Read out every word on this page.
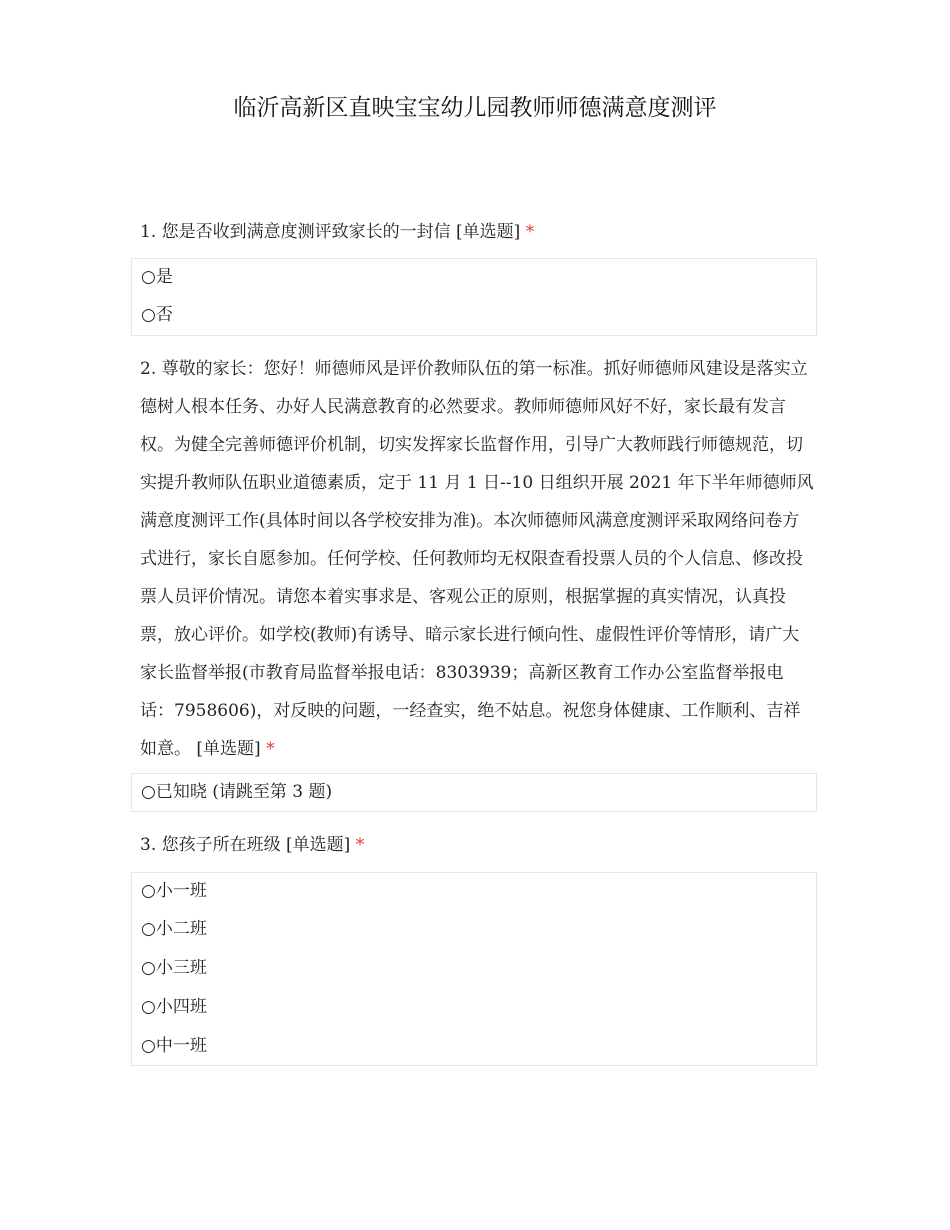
临沂高新区直映宝宝幼儿园教师师德满意度测评
1. 您是否收到满意度测评致家长的一封信 [单选题] *
○是
○否
2. 尊敬的家长：您好！师德师风是评价教师队伍的第一标准。抓好师德师风建设是落实立德树人根本任务、办好人民满意教育的必然要求。教师师德师风好不好，家长最有发言权。为健全完善师德评价机制，切实发挥家长监督作用，引导广大教师践行师德规范，切实提升教师队伍职业道德素质，定于 11 月 1 日--10 日组织开展 2021 年下半年师德师风满意度测评工作(具体时间以各学校安排为准)。本次师德师风满意度测评采取网络问卷方式进行，家长自愿参加。任何学校、任何教师均无权限查看投票人员的个人信息、修改投票人员评价情况。请您本着实事求是、客观公正的原则，根据掌握的真实情况，认真投票，放心评价。如学校(教师)有诱导、暗示家长进行倾向性、虚假性评价等情形，请广大家长监督举报(市教育局监督举报电话：8303939；高新区教育工作办公室监督举报电话：7958606)，对反映的问题，一经查实，绝不姑息。祝您身体健康、工作顺利、吉祥如意。 [单选题] *
○已知晓 (请跳至第 3 题)
3. 您孩子所在班级 [单选题] *
○小一班
○小二班
○小三班
○小四班
○中一班
